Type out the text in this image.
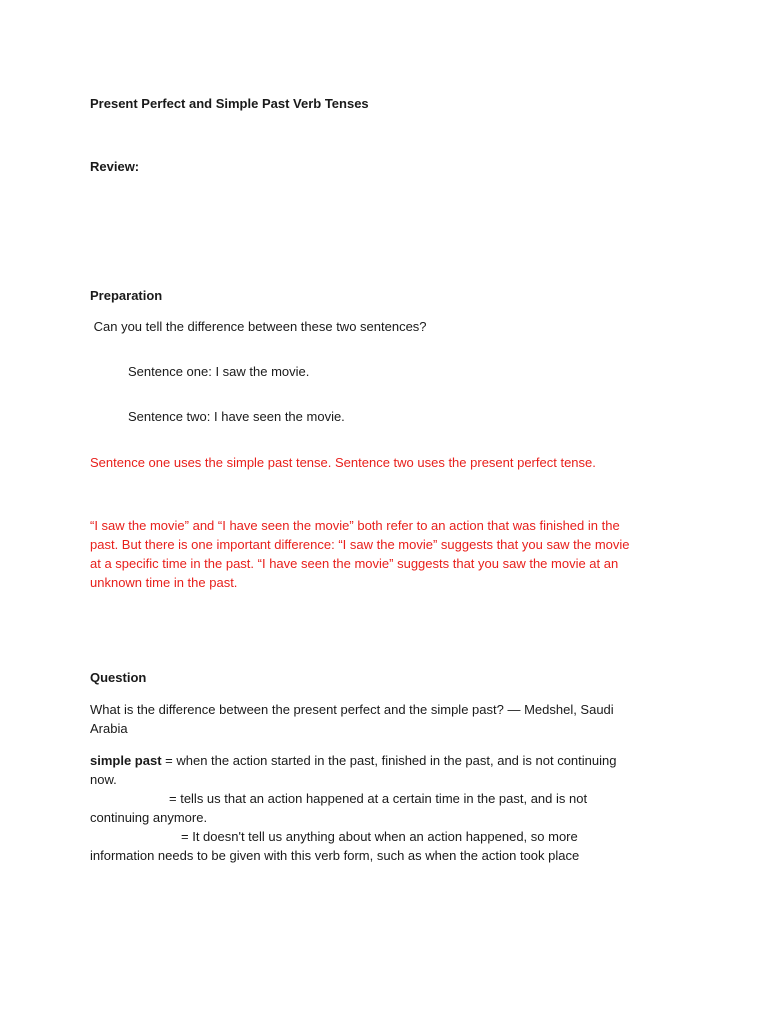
Present Perfect and Simple Past Verb Tenses
Review:
Preparation
Can you tell the difference between these two sentences?
Sentence one: I saw the movie.
Sentence two: I have seen the movie.
Sentence one uses the simple past tense. Sentence two uses the present perfect tense.
“I saw the movie” and “I have seen the movie” both refer to an action that was finished in the
past. But there is one important difference: “I saw the movie” suggests that you saw the movie
at a specific time in the past. “I have seen the movie” suggests that you saw the movie at an
unknown time in the past.
Question
What is the difference between the present perfect and the simple past? — Medshel, Saudi
Arabia
simple past = when the action started in the past, finished in the past, and is not continuing
now.
= tells us that an action happened at a certain time in the past, and is not
continuing anymore.
= It doesn't tell us anything about when an action happened, so more
information needs to be given with this verb form, such as when the action took place
